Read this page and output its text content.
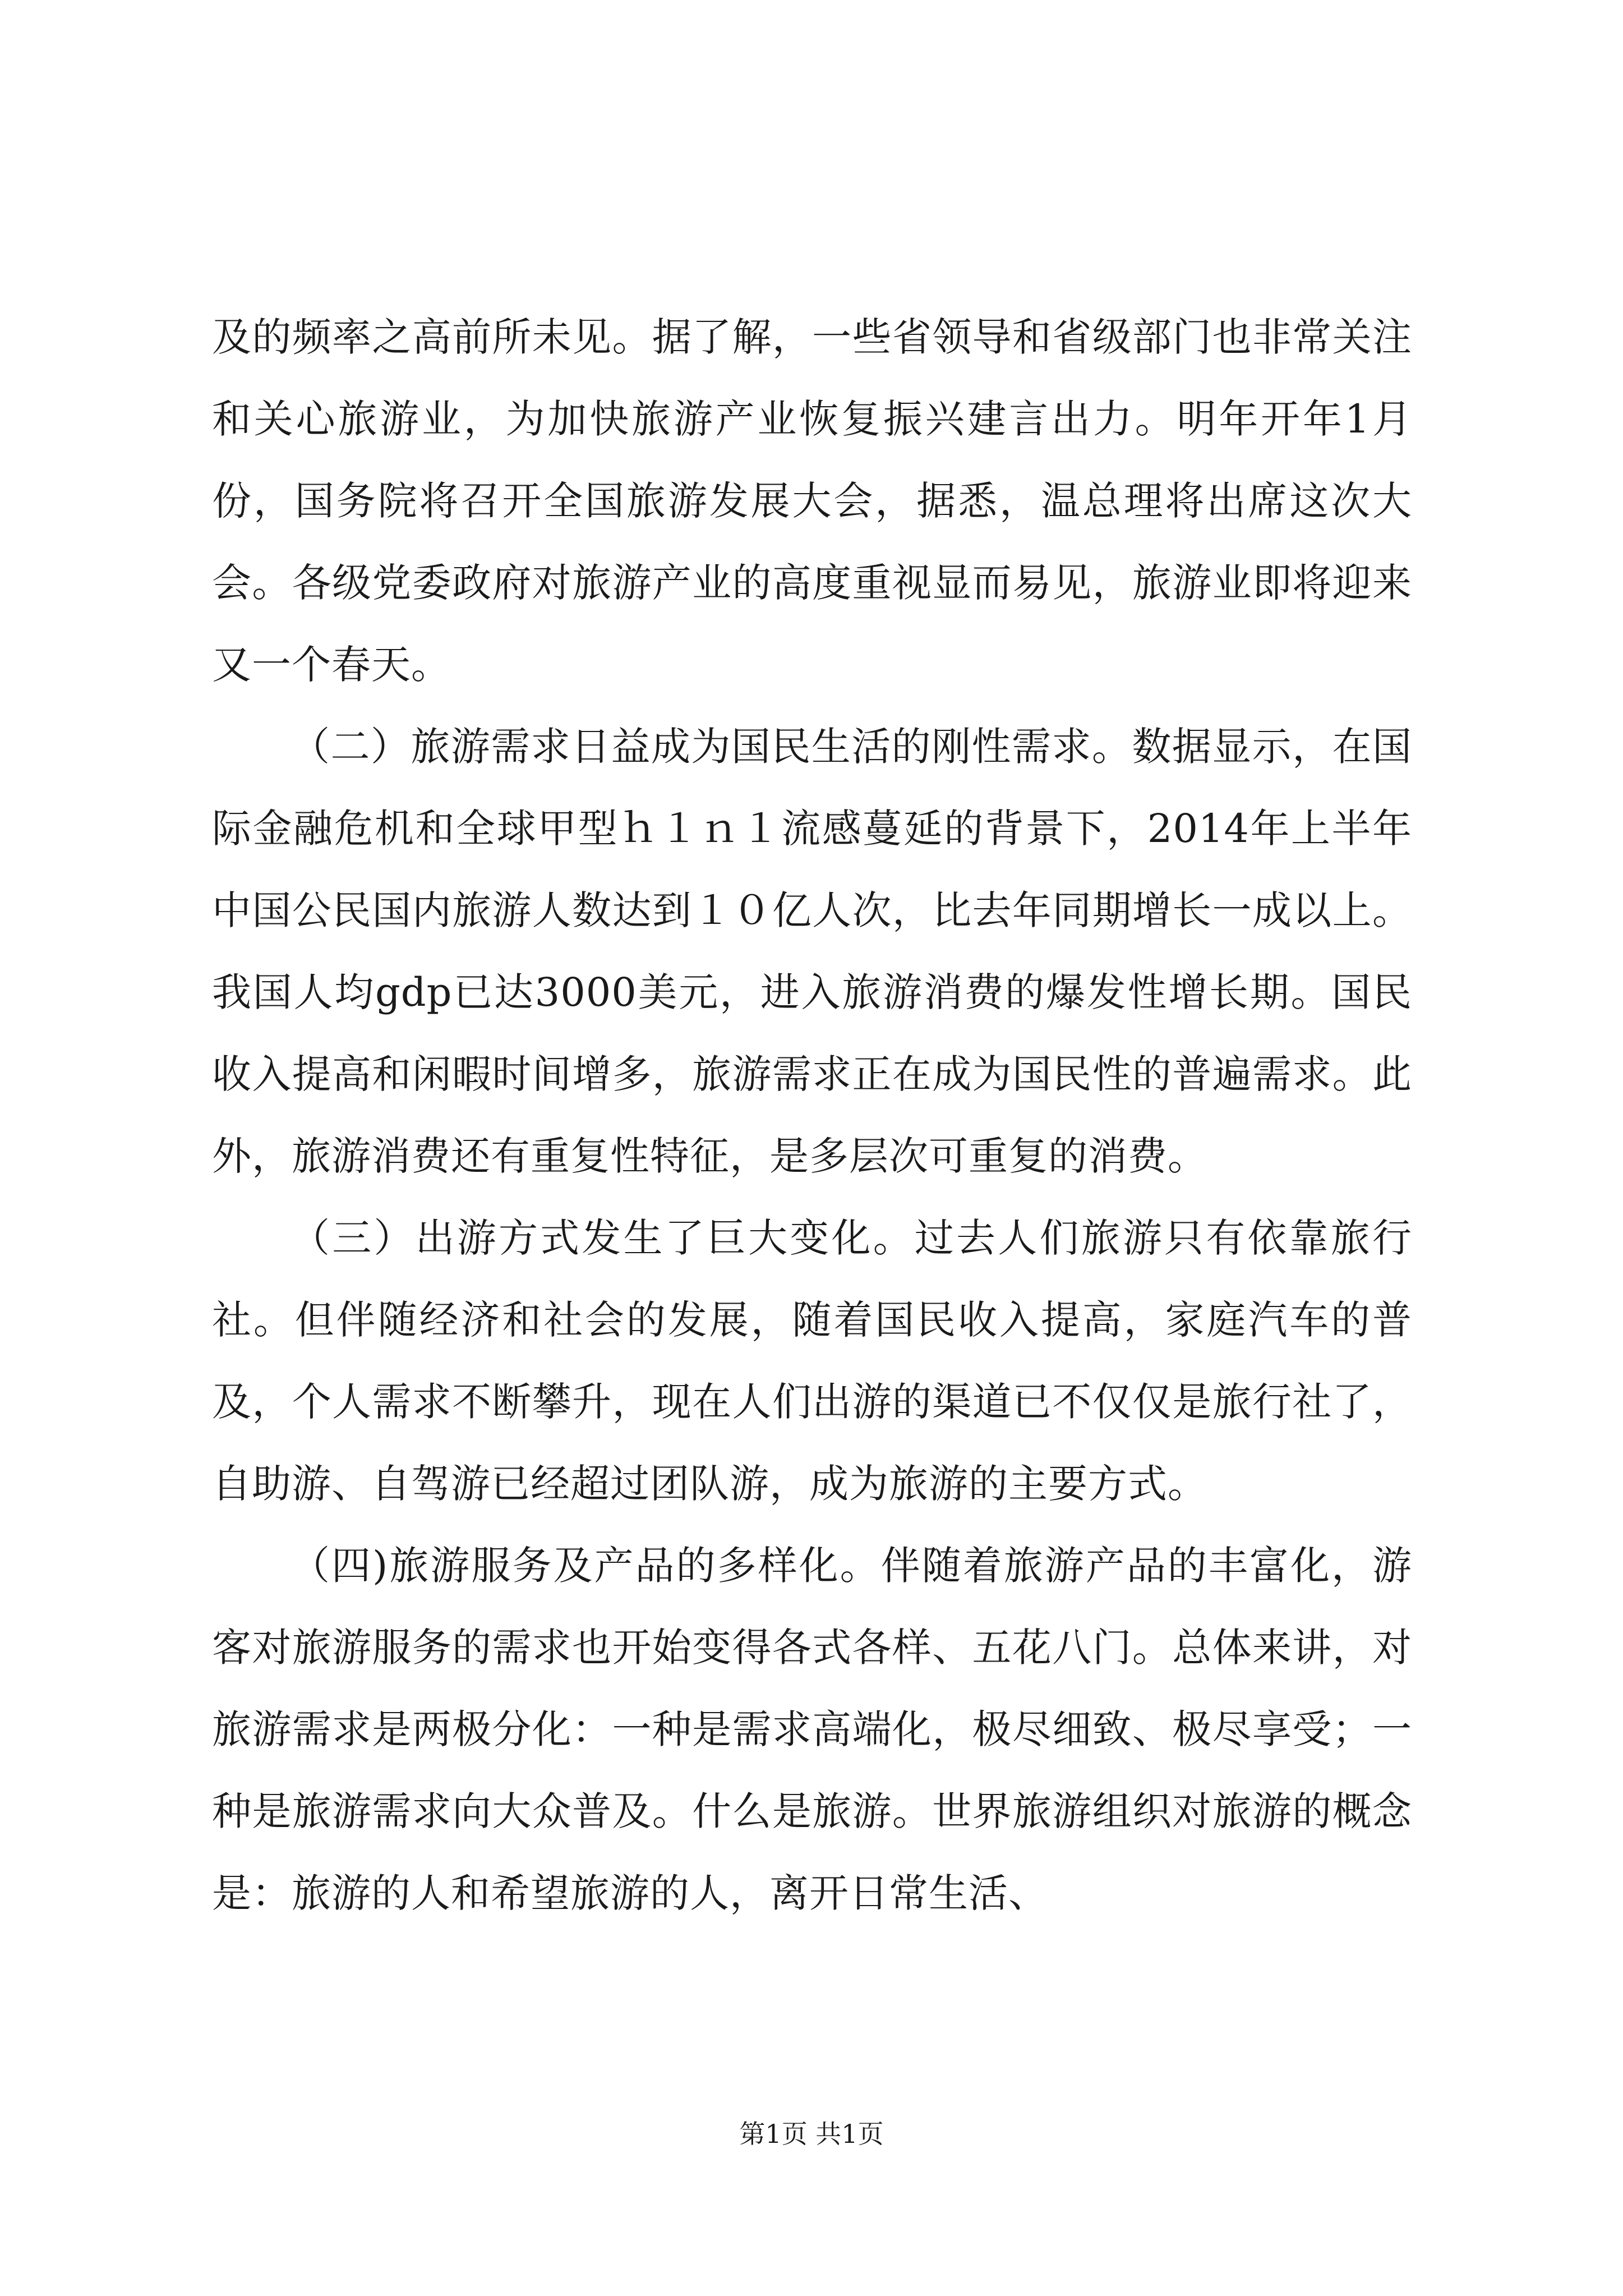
及的频率之高前所未见。据了解，一些省领导和省级部门也非常关注和关心旅游业，为加快旅游产业恢复振兴建言出力。明年开年1月份，国务院将召开全国旅游发展大会，据悉，温总理将出席这次大会。各级党委政府对旅游产业的高度重视显而易见，旅游业即将迎来又一个春天。

（二）旅游需求日益成为国民生活的刚性需求。数据显示，在国际金融危机和全球甲型ｈ１ｎ１流感蔓延的背景下，2014年上半年中国公民国内旅游人数达到１０亿人次，比去年同期增长一成以上。我国人均gdp已达3000美元，进入旅游消费的爆发性增长期。国民收入提高和闲暇时间增多，旅游需求正在成为国民性的普遍需求。此外，旅游消费还有重复性特征，是多层次可重复的消费。

（三）出游方式发生了巨大变化。过去人们旅游只有依靠旅行社。但伴随经济和社会的发展，随着国民收入提高，家庭汽车的普及，个人需求不断攀升，现在人们出游的渠道已不仅仅是旅行社了，自助游、自驾游已经超过团队游，成为旅游的主要方式。

（四)旅游服务及产品的多样化。伴随着旅游产品的丰富化，游客对旅游服务的需求也开始变得各式各样、五花八门。总体来讲，对旅游需求是两极分化：一种是需求高端化，极尽细致、极尽享受；一种是旅游需求向大众普及。什么是旅游。世界旅游组织对旅游的概念是：旅游的人和希望旅游的人，离开日常生活、

第1页 共1页
